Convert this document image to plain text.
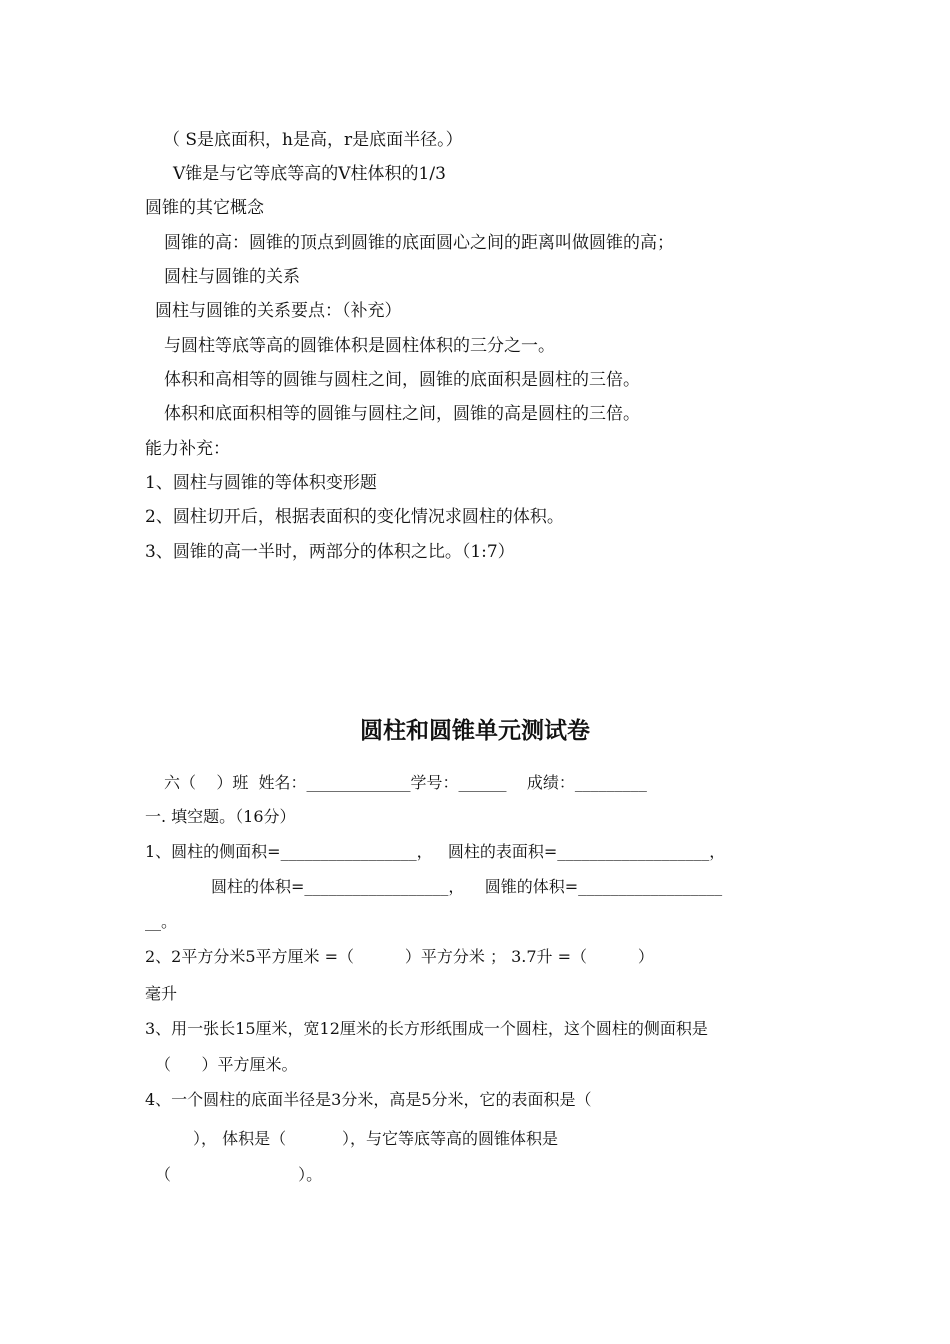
（ S是底面积，h是高，r是底面半径。）
V锥是与它等底等高的V柱体积的1/3
圆锥的其它概念
圆锥的高：圆锥的顶点到圆锥的底面圆心之间的距离叫做圆锥的高；
圆柱与圆锥的关系
圆柱与圆锥的关系要点：（补充）
与圆柱等底等高的圆锥体积是圆柱体积的三分之一。
体积和高相等的圆锥与圆柱之间，圆锥的底面积是圆柱的三倍。
体积和底面积相等的圆锥与圆柱之间，圆锥的高是圆柱的三倍。
能力补充：
1、圆柱与圆锥的等体积变形题
2、圆柱切开后，根据表面积的变化情况求圆柱的体积。
3、圆锥的高一半时，两部分的体积之比。（1:7）
圆柱和圆锥单元测试卷
六（    ）班  姓名：_____________学号：______    成绩：_________
一. 填空题。（16分）
1、圆柱的侧面积=_________________，   圆柱的表面积=___________________，
圆柱的体积=__________________，    圆锥的体积=__________________
__。
2、2平方分米5平方厘米 =（          ）平方分米 ； 3.7升 =（          ）
毫升
3、用一张长15厘米，宽12厘米的长方形纸围成一个圆柱，这个圆柱的侧面积是
（      ）平方厘米。
4、一个圆柱的底面半径是3分米，高是5分米，它的表面积是（
）， 体积是（           ），与它等底等高的圆锥体积是
（                         ）。
